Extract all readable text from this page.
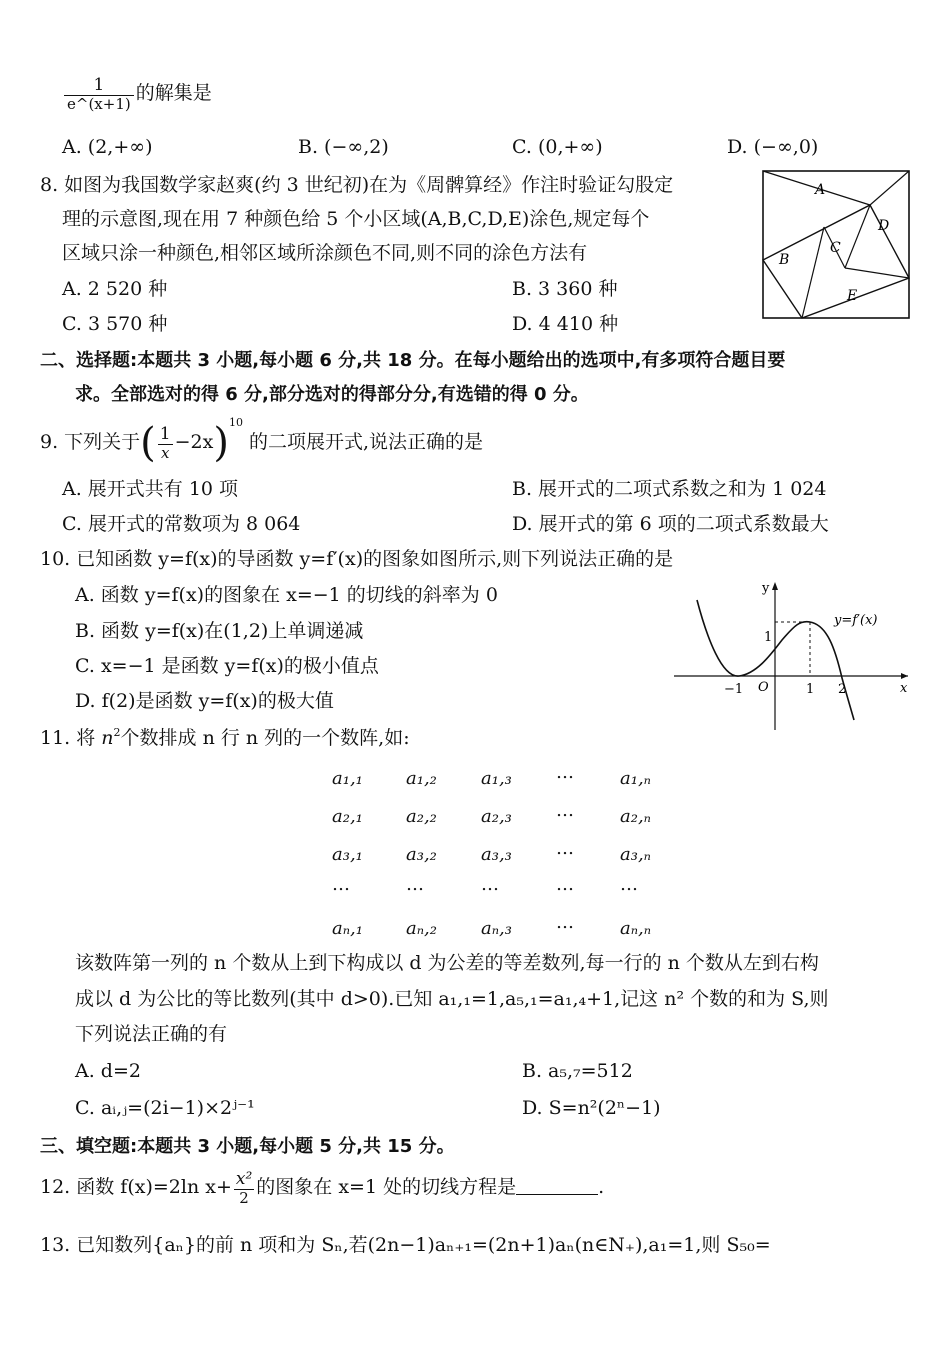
$\frac{1}{e\^{}(x+1)}$ 的解集是
A. (2,+∞)	B. (−∞,2)	C. (0,+∞)	D. (−∞,0)
8. 如图为我国数学家赵爽(约 3 世纪初)在为《周髀算经》作注时验证勾股定
理的示意图,现在用 7 种颜色给 5 个小区域(A,B,C,D,E)涂色,规定每个
区域只涂一种颜色,相邻区域所涂颜色不同,则不同的涂色方法有
A. 2 520 种	B. 3 360 种
C. 3 570 种	D. 4 410 种
A
B
C
D
E
二、选择题:本题共 3 小题,每小题 6 分,共 18 分。在每小题给出的选项中,有多项符合题目要
求。全部选对的得 6 分,部分选对的得部分分,有选错的得 0 分。
9. 下列关于( $\frac{1}{x} -2x)^{10}$ 的二项展开式,说法正确的是
A. 展开式共有 10 项	B. 展开式的二项式系数之和为 1 024
C. 展开式的常数项为 8 064	D. 展开式的第 6 项的二项式系数最大
10. 已知函数 y=f(x)的导函数 y=f′(x)的图象如图所示,则下列说法正确的是
A. 函数 y=f(x)的图象在 x=−1 的切线的斜率为 0
B. 函数 y=f(x)在(1,2)上单调递减
C. x=−1 是函数 y=f(x)的极小值点
D. f(2)是函数 y=f(x)的极大值
y
x
O
−1	1 2
1
y=f′(x)
11. 将 $n^2$个数排成 n 行 n 列的一个数阵,如:
a₁,₁ a₁,₂ a₁,₃ …	a₁,ₙ
a₂,₁ a₂,₂ a₂,₃ …	a₂,ₙ
a₃,₁ a₃,₂ a₃,₃ …	a₃,ₙ
…	…	…	…	…
aₙ,₁ aₙ,₂ aₙ,₃ …	aₙ,ₙ
该数阵第一列的 n 个数从上到下构成以 d 为公差的等差数列,每一行的 n 个数从左到右构
成以 d 为公比的等比数列(其中 d>0).已知 a₁,₁=1,a₅,₁=a₁,₄+1,记这 n² 个数的和为 S,则
下列说法正确的有
A. d=2	B. a₅,₇=512
C. aᵢ,ⱼ=(2i−1)×2ʲ⁻¹	D. S=n²(2ⁿ−1)
三、填空题:本题共 3 小题,每小题 5 分,共 15 分。
12. 函数 f(x)=2ln $x+ \frac{\text{x²}}{2}$ 的图象在 x=1 处的切线方程是	.
13. 已知数列{aₙ}的前 n 项和为 Sₙ,若(2n−1)aₙ₊₁=(2n+1)aₙ(n∈N₊),a₁=1,则 S₅₀=
